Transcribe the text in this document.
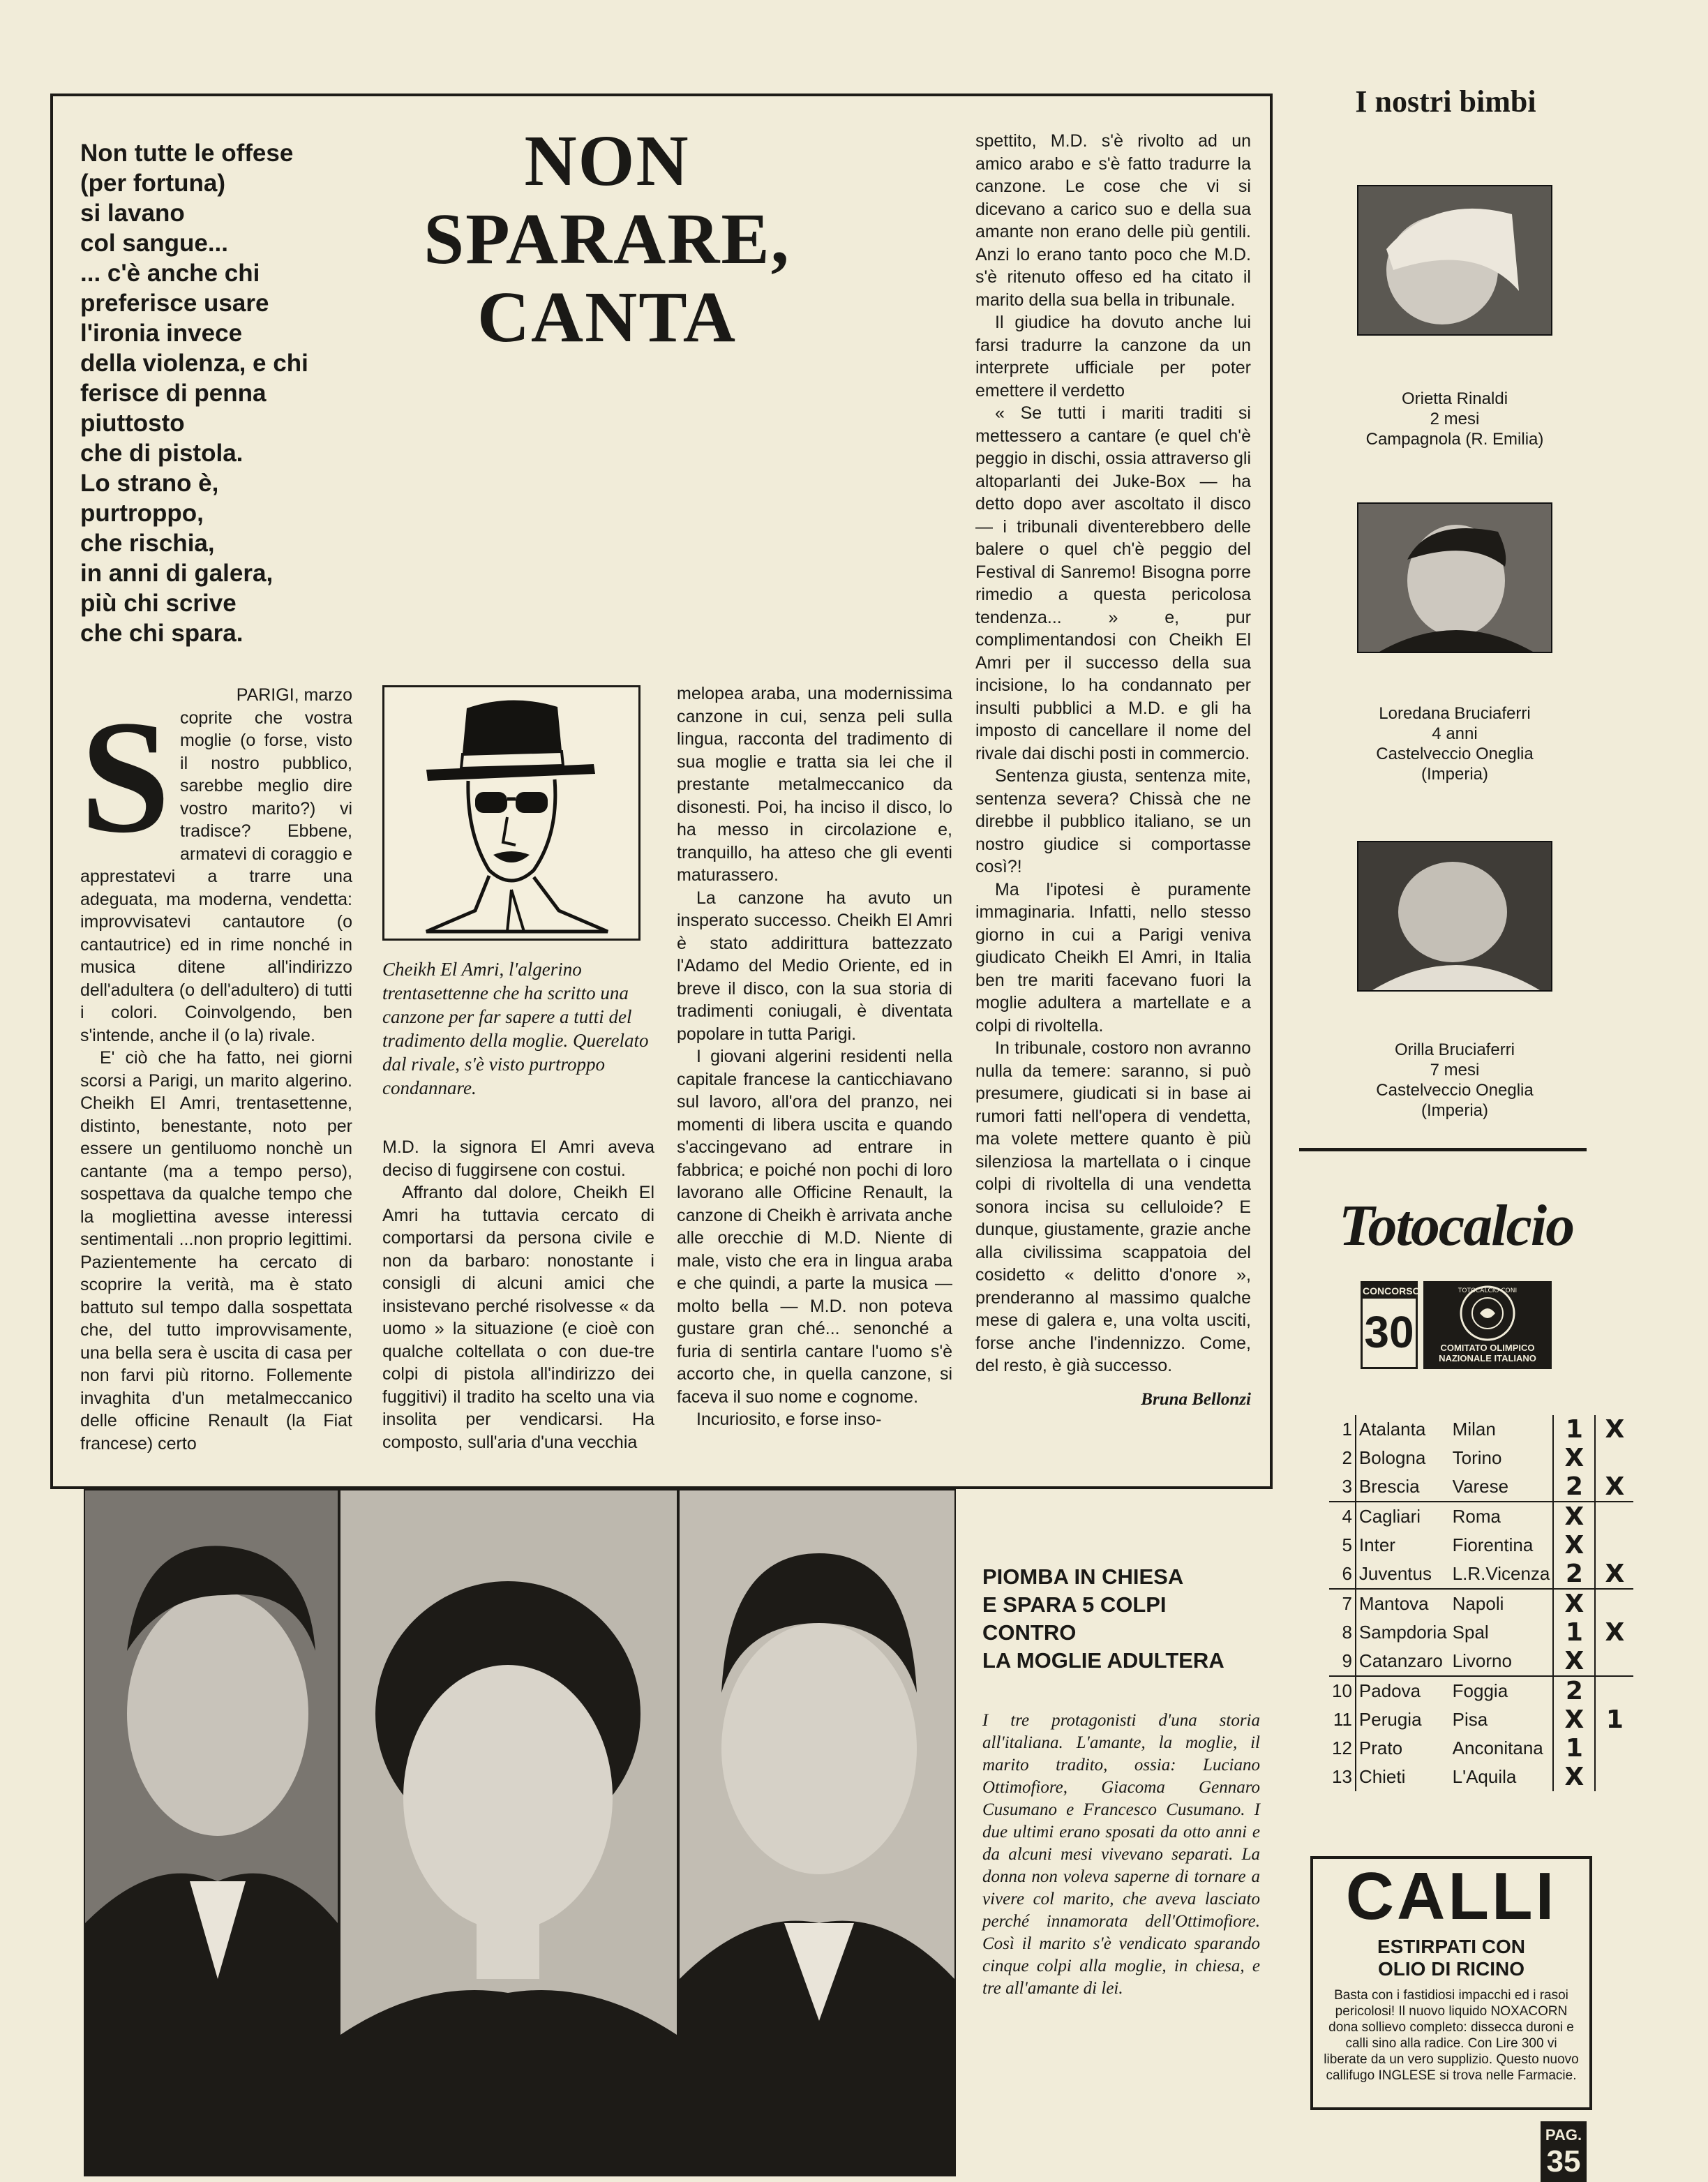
Non tutte le offese
(per fortuna)
si lavano
col sangue...
... c'è anche chi
preferisce usare
l'ironia invece
della violenza, e chi
ferisce di penna
piuttosto
che di pistola.
Lo strano è,
purtroppo,
che rischia,
in anni di galera,
più chi scrive
che chi spara.
NON
SPARARE,
CANTA
PARIGI, marzo
S coprite che vostra moglie (o forse, visto il nostro pubblico, sarebbe meglio dire vostro marito?) vi tradisce? Ebbene, armatevi di coraggio e apprestatevi a trarre una adeguata, ma moderna, vendetta: improvvisatevi cantautore (o cantautrice) ed in rime nonché in musica ditene all'indirizzo dell'adultera (o dell'adultero) di tutti i colori. Coinvolgendo, ben s'intende, anche il (o la) rivale.

E' ciò che ha fatto, nei giorni scorsi a Parigi, un marito algerino. Cheikh El Amri, trentasettenne, distinto, benestante, noto per essere un gentiluomo nonchè un cantante (ma a tempo perso), sospettava da qualche tempo che la mogliettina avesse interessi sentimentali ...non proprio legittimi. Pazientemente ha cercato di scoprire la verità, ma è stato battuto sul tempo dalla sospettata che, del tutto improvvisamente, una bella sera è uscita di casa per non farvi più ritorno. Follemente invaghita d'un metalmeccanico delle officine Renault (la Fiat francese) certo

Cheikh El Amri, l'algerino trentasettenne che ha scritto una canzone per far sapere a tutti del tradimento della moglie. Querelato dal rivale, s'è visto purtroppo condannare.

M.D. la signora El Amri aveva deciso di fuggirsene con costui.

Affranto dal dolore, Cheikh El Amri ha tuttavia cercato di comportarsi da persona civile e non da barbaro: nonostante i consigli di alcuni amici che insistevano perché risolvesse « da uomo » la situazione (e cioè con qualche coltellata o con due-tre colpi di pistola all'indirizzo dei fuggitivi) il tradito ha scelto una via insolita per vendicarsi. Ha composto, sull'aria d'una vecchia

melopea araba, una modernissima canzone in cui, senza peli sulla lingua, racconta del tradimento di sua moglie e tratta sia lei che il prestante metalmeccanico da disonesti. Poi, ha inciso il disco, lo ha messo in circolazione e, tranquillo, ha atteso che gli eventi maturassero.

La canzone ha avuto un insperato successo. Cheikh El Amri è stato addirittura battezzato l'Adamo del Medio Oriente, ed in breve il disco, con la sua storia di tradimenti coniugali, è diventata popolare in tutta Parigi.

I giovani algerini residenti nella capitale francese la canticchiavano sul lavoro, all'ora del pranzo, nei momenti di libera uscita e quando s'accingevano ad entrare in fabbrica; e poiché non pochi di loro lavorano alle Officine Renault, la canzone di Cheikh è arrivata anche alle orecchie di M.D. Niente di male, visto che era in lingua araba e che quindi, a parte la musica — molto bella — M.D. non poteva gustare gran ché... senonché a furia di sentirla cantare l'uomo s'è accorto che, in quella canzone, si faceva il suo nome e cognome.

Incuriosito, e forse inso-

spettito, M.D. s'è rivolto ad un amico arabo e s'è fatto tradurre la canzone. Le cose che vi si dicevano a carico suo e della sua amante non erano delle più gentili. Anzi lo erano tanto poco che M.D. s'è ritenuto offeso ed ha citato il marito della sua bella in tribunale.

Il giudice ha dovuto anche lui farsi tradurre la canzone da un interprete ufficiale per poter emettere il verdetto

« Se tutti i mariti traditi si mettessero a cantare (e quel ch'è peggio in dischi, ossia attraverso gli altoparlanti dei Juke-Box — ha detto dopo aver ascoltato il disco — i tribunali diventerebbero delle balere o quel ch'è peggio del Festival di Sanremo! Bisogna porre rimedio a questa pericolosa tendenza... » e, pur complimentandosi con Cheikh El Amri per il successo della sua incisione, lo ha condannato per insulti pubblici a M.D. e gli ha imposto di cancellare il nome del rivale dai dischi posti in commercio.

Sentenza giusta, sentenza mite, sentenza severa? Chissà che ne direbbe il pubblico italiano, se un nostro giudice si comportasse così?!

Ma l'ipotesi è puramente immaginaria. Infatti, nello stesso giorno in cui a Parigi veniva giudicato Cheikh El Amri, in Italia ben tre mariti facevano fuori la moglie adultera a martellate e a colpi di rivoltella.

In tribunale, costoro non avranno nulla da temere: saranno, si può presumere, giudicati si in base ai rumori fatti nell'opera di vendetta, ma volete mettere quanto è più silenziosa la martellata o i cinque colpi di rivoltella di una vendetta sonora incisa su celluloide? E dunque, giustamente, grazie anche alla civilissima scappatoia del cosidetto « delitto d'onore », prenderanno al massimo qualche mese di galera e, una volta usciti, forse anche l'indennizzo. Come, del resto, è già successo.

Bruna Bellonzi
PIOMBA IN CHIESA
E SPARA 5 COLPI
CONTRO
LA MOGLIE ADULTERA
I tre protagonisti d'una storia all'italiana. L'amante, la moglie, il marito tradito, ossia: Luciano Ottimofiore, Giacoma Gennaro Cusumano e Francesco Cusumano. I due ultimi erano sposati da otto anni e da alcuni mesi vivevano separati. La donna non voleva saperne di tornare a vivere col marito, che aveva lasciato perché innamorata dell'Ottimofiore. Così il marito s'è vendicato sparando cinque colpi alla moglie, in chiesa, e tre all'amante di lei.
I nostri bimbi
Orietta Rinaldi
2 mesi
Campagnola (R. Emilia)
Loredana Bruciaferri
4 anni
Castelveccio Oneglia
(Imperia)
Orilla Bruciaferri
7 mesi
Castelveccio Oneglia
(Imperia)
Totocalcio
CONCORSO
30
TOTOCALCIO CONI
COMITATO OLIMPICO NAZIONALE ITALIANO
1	Atalanta	Milan	1	X
2	Bologna	Torino	X	
3	Brescia	Varese	2	X
4	Cagliari	Roma	X	
5	Inter	Fiorentina	X	
6	Juventus	L.R.Vicenza	2	X
7	Mantova	Napoli	X	
8	Sampdoria	Spal	1	X
9	Catanzaro	Livorno	X	
10	Padova	Foggia	2	
11	Perugia	Pisa	X	1
12	Prato	Anconitana	1	
13	Chieti	L'Aquila	X	
CALLI
ESTIRPATI CON
OLIO DI RICINO
Basta con i fastidiosi impacchi ed i rasoi pericolosi! Il nuovo liquido NOXACORN dona sollievo completo: dissecca duroni e calli sino alla radice. Con Lire 300 vi liberate da un vero supplizio. Questo nuovo callifugo INGLESE si trova nelle Farmacie.
PAG.
35
